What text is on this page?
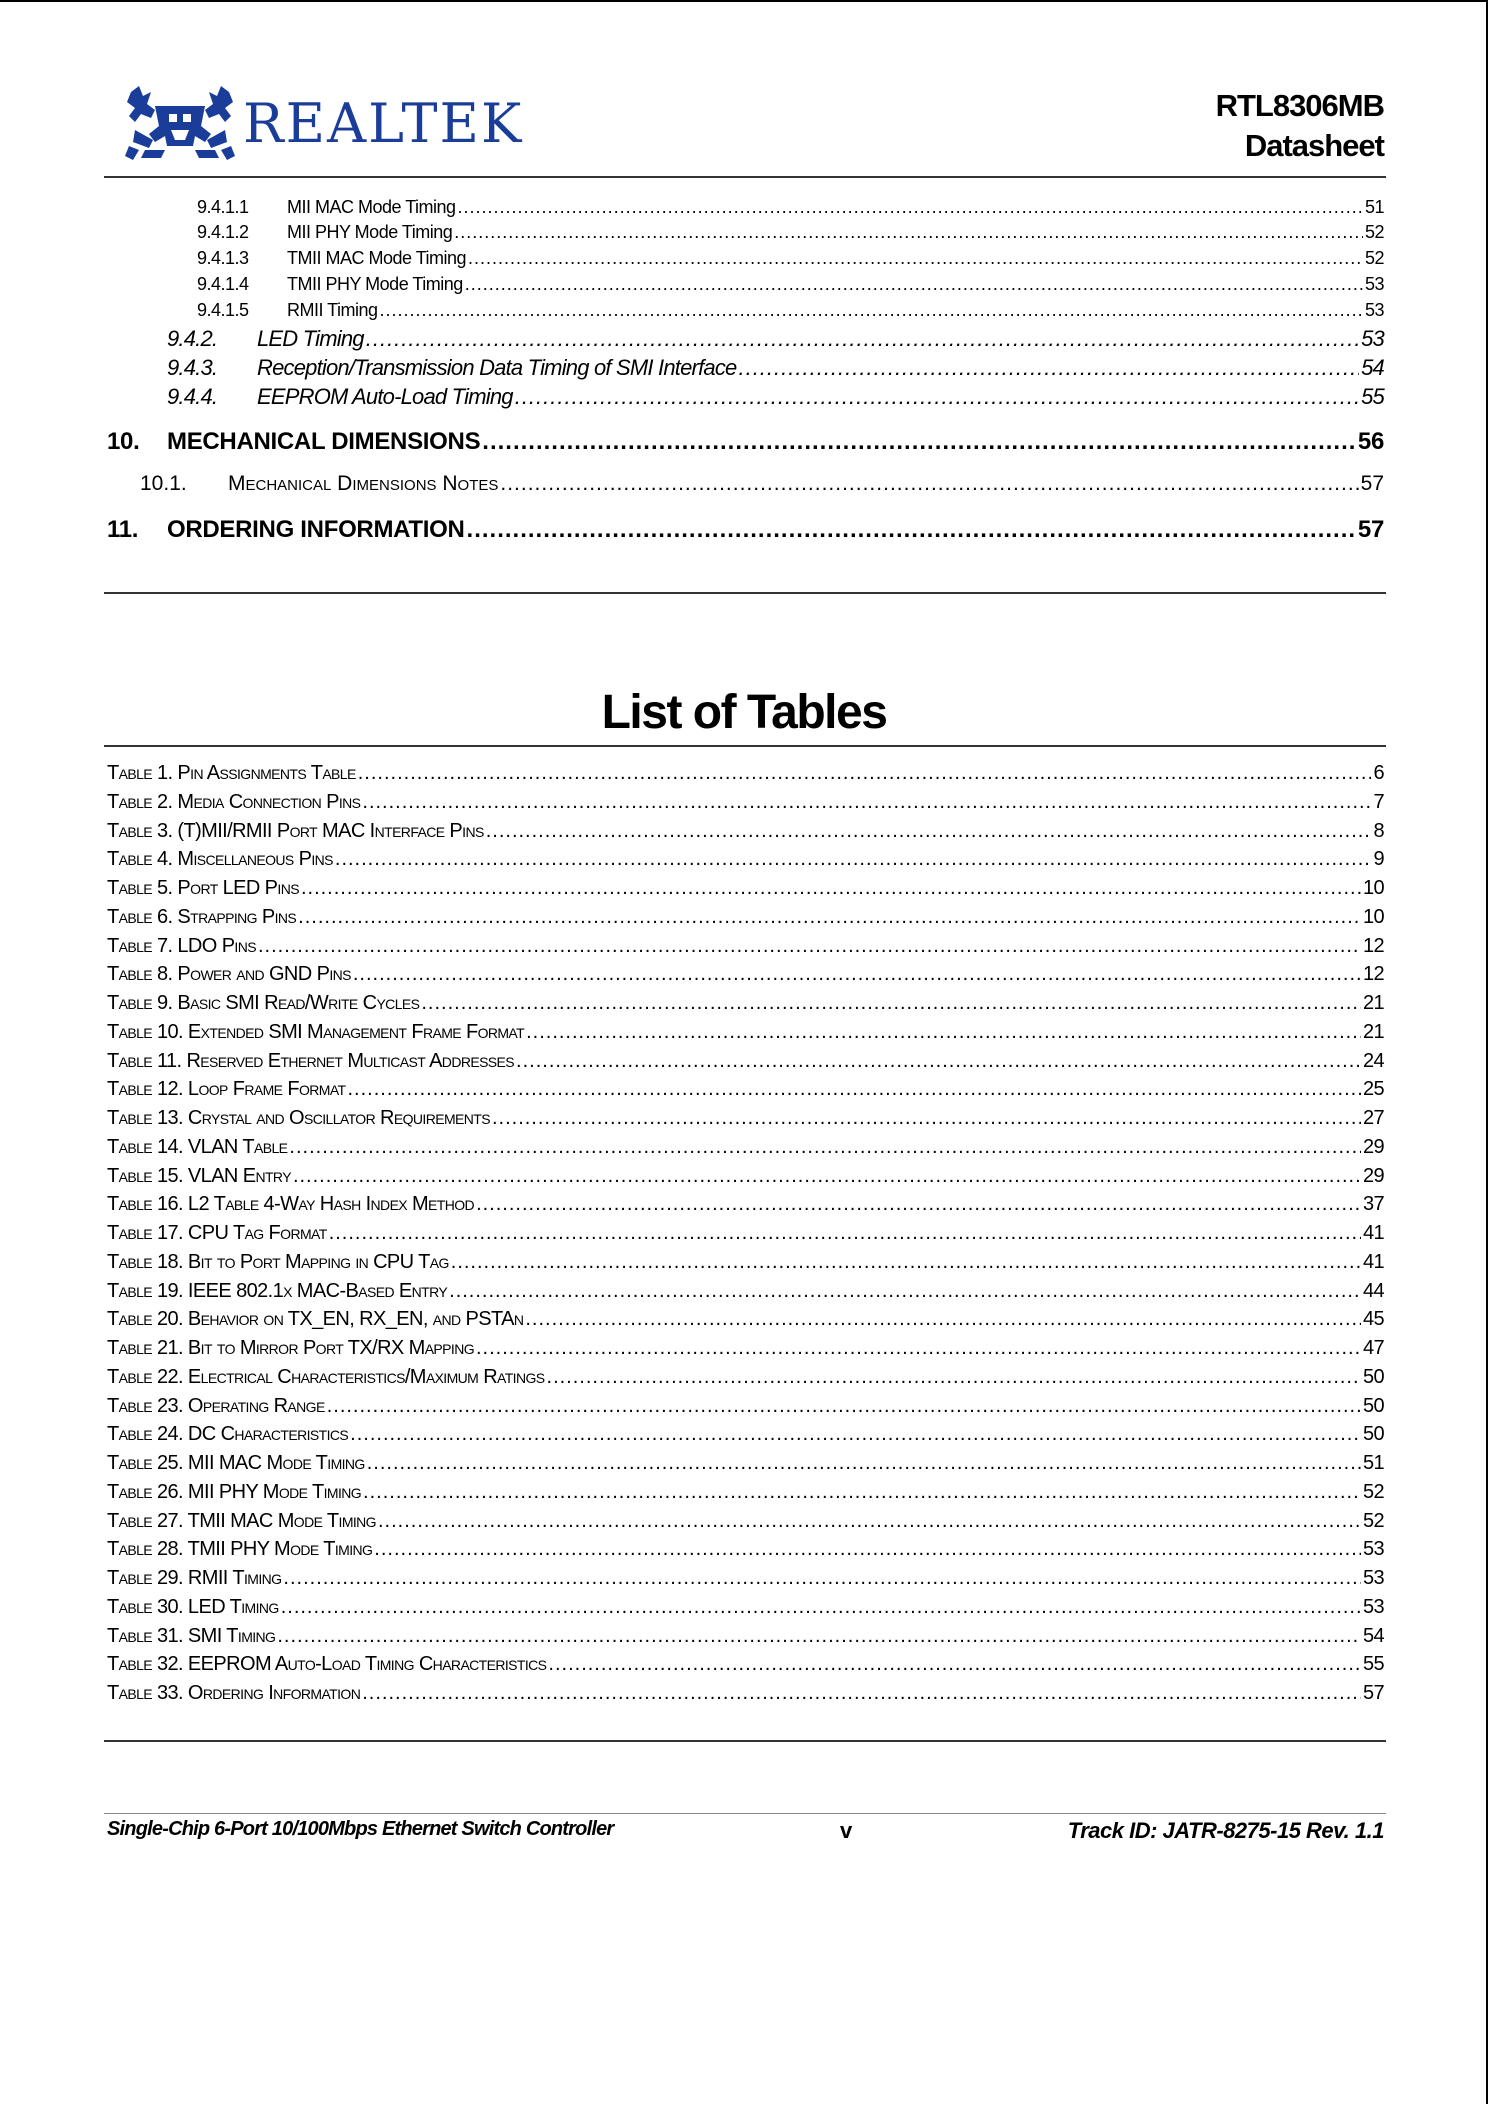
REALTEK	RTL8306MB
Datasheet
9.4.1.1	MII MAC Mode Timing .....	51
9.4.1.2	MII PHY Mode Timing .....	52
9.4.1.3	TMII MAC Mode Timing .....	52
9.4.1.4	TMII PHY Mode Timing .....	53
9.4.1.5	RMII Timing .....	53
9.4.2.	LED Timing .....	53
9.4.3.	Reception/Transmission Data Timing of SMI Interface .....	54
9.4.4.	EEPROM Auto-Load Timing .....	55
10.	MECHANICAL DIMENSIONS .....	56
10.1.	Mechanical Dimensions Notes .....	57
11.	ORDERING INFORMATION .....	57
List of Tables
Table 1. Pin Assignments Table .....	6
Table 2. Media Connection Pins .....	7
Table 3. (T)MII/RMII Port MAC Interface Pins .....	8
Table 4. Miscellaneous Pins .....	9
Table 5. Port LED Pins .....	10
Table 6. Strapping Pins .....	10
Table 7. LDO Pins .....	12
Table 8. Power and GND Pins .....	12
Table 9. Basic SMI Read/Write Cycles .....	21
Table 10. Extended SMI Management Frame Format .....	21
Table 11. Reserved Ethernet Multicast Addresses .....	24
Table 12. Loop Frame Format .....	25
Table 13. Crystal and Oscillator Requirements .....	27
Table 14. VLAN Table .....	29
Table 15. VLAN Entry .....	29
Table 16. L2 Table 4-Way Hash Index Method .....	37
Table 17. CPU Tag Format .....	41
Table 18. Bit to Port Mapping in CPU Tag .....	41
Table 19. IEEE 802.1x MAC-Based Entry .....	44
Table 20. Behavior on TX_EN, RX_EN, and PSTAn .....	45
Table 21. Bit to Mirror Port TX/RX Mapping .....	47
Table 22. Electrical Characteristics/Maximum Ratings .....	50
Table 23. Operating Range .....	50
Table 24. DC Characteristics .....	50
Table 25. MII MAC Mode Timing .....	51
Table 26. MII PHY Mode Timing .....	52
Table 27. TMII MAC Mode Timing .....	52
Table 28. TMII PHY Mode Timing .....	53
Table 29. RMII Timing .....	53
Table 30. LED Timing .....	53
Table 31. SMI Timing .....	54
Table 32. EEPROM Auto-Load Timing Characteristics .....	55
Table 33. Ordering Information .....	57
Single-Chip 6-Port 10/100Mbps Ethernet Switch Controller	v	Track ID: JATR-8275-15 Rev. 1.1
